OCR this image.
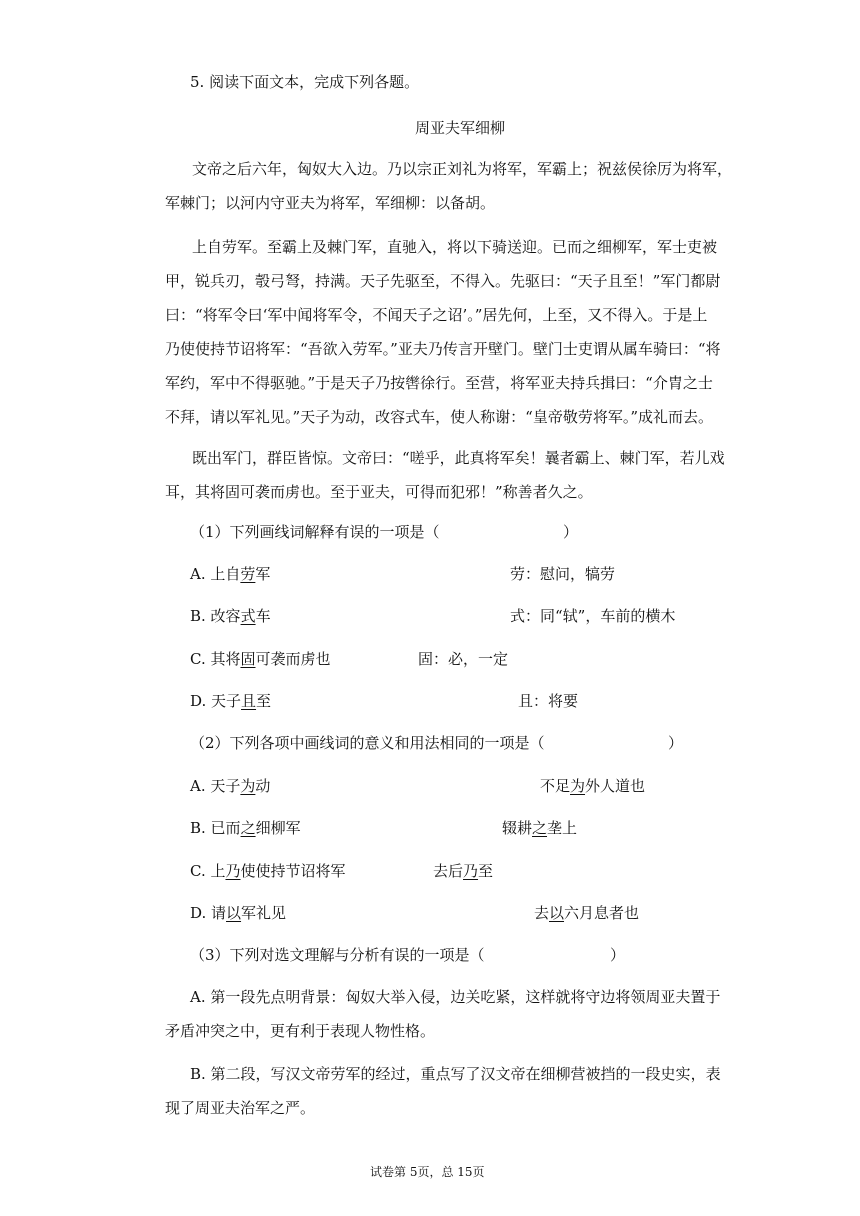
5. 阅读下面文本，完成下列各题。
周亚夫军细柳
文帝之后六年，匈奴大入边。乃以宗正刘礼为将军，军霸上；祝兹侯徐厉为将军，
军棘门；以河内守亚夫为将军，军细柳：以备胡。
上自劳军。至霸上及棘门军，直驰入，将以下骑送迎。已而之细柳军，军士吏被
甲，锐兵刃，彀弓弩，持满。天子先驱至，不得入。先驱曰：“天子且至！”军门都尉
曰：“将军令曰‘军中闻将军令，不闻天子之诏’。”居先何，上至，又不得入。于是上
乃使使持节诏将军：“吾欲入劳军。”亚夫乃传言开壁门。壁门士吏谓从属车骑曰：“将
军约，军中不得驱驰。”于是天子乃按辔徐行。至营，将军亚夫持兵揖曰：“介胄之士
不拜，请以军礼见。”天子为动，改容式车，使人称谢：“皇帝敬劳将军。”成礼而去。
既出军门，群臣皆惊。文帝曰：“嗟乎，此真将军矣！曩者霸上、棘门军，若儿戏
耳，其将固可袭而虏也。至于亚夫，可得而犯邪！”称善者久之。
（1）下列画线词解释有误的一项是（	）
A. 上自劳军	劳：慰问，犒劳
B. 改容式车	式：同“轼”，车前的横木
C. 其将固可袭而虏也	固：必，一定
D. 天子且至	且：将要
（2）下列各项中画线词的意义和用法相同的一项是（	）
A. 天子为动	不足为外人道也
B. 已而之细柳军	辍耕之垄上
C. 上乃使使持节诏将军	去后乃至
D. 请以军礼见	去以六月息者也
（3）下列对选文理解与分析有误的一项是（	）
A. 第一段先点明背景：匈奴大举入侵，边关吃紧，这样就将守边将领周亚夫置于
矛盾冲突之中，更有利于表现人物性格。
B. 第二段，写汉文帝劳军的经过，重点写了汉文帝在细柳营被挡的一段史实，表
现了周亚夫治军之严。
试卷第 5页，总 15页
